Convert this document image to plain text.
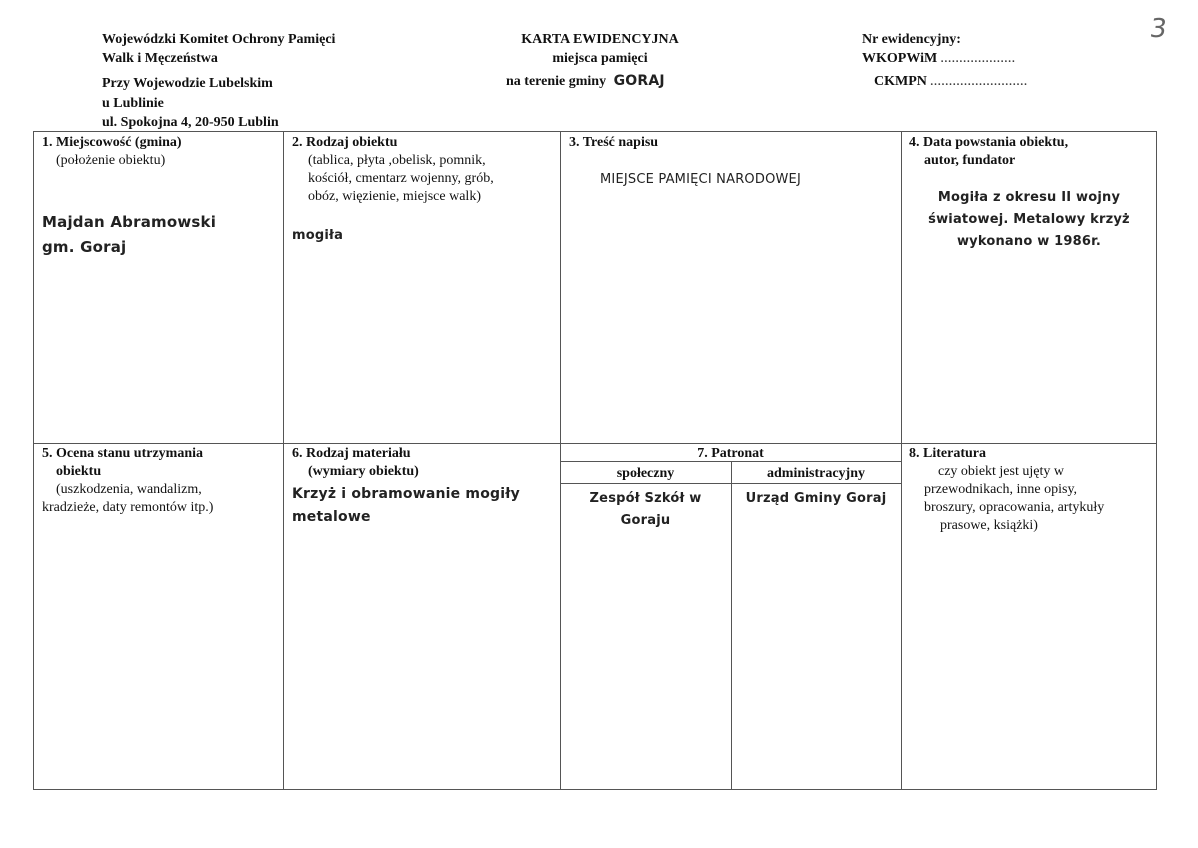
Wojewódzki Komitet Ochrony Pamięci
Walk i Męczeństwa
Przy Wojewodzie Lubelskim
u Lublinie
ul. Spokojna 4, 20-950 Lublin
KARTA EWIDENCYJNA
miejsca pamięci
na terenie gminy GORAJ
Nr ewidencyjny:
WKOPWiM ....................
CKMPN ..........................
3
1. Miejscowość (gmina)
(położenie obiektu)
Majdan Abramowski
gm. Goraj
2. Rodzaj obiektu
(tablica, płyta ,obelisk, pomnik,
kościół, cmentarz wojenny, grób,
obóz, więzienie, miejsce walk)
mogiła
3. Treść napisu
MIEJSCE PAMIĘCI NARODOWEJ
4. Data powstania obiektu,
autor, fundator
Mogiła z okresu II wojny
światowej. Metalowy krzyż
wykonano w 1986r.
5. Ocena stanu utrzymania
obiektu
(uszkodzenia, wandalizm,
kradzieże, daty remontów itp.)
6. Rodzaj materiału
(wymiary obiektu)
Krzyż i obramowanie mogiły
metalowe
7. Patronat
społeczny	administracyjny
Zespół Szkół w
Goraju
Urząd Gminy Goraj
8. Literatura
czy obiekt jest ujęty w
przewodnikach, inne opisy,
broszury, opracowania, artykuły
prasowe, książki)
